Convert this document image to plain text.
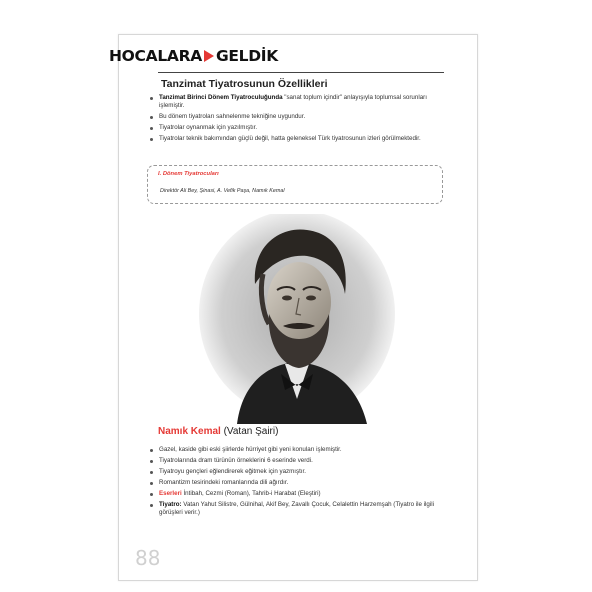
HOCALARA GELDİK
Tanzimat Tiyatrosunun Özellikleri
Tanzimat Birinci Dönem Tiyatroculuğunda "sanat toplum içindir" anlayışıyla toplumsal sorunları işlemiştir.
Bu dönem tiyatroları sahnelenme tekniğine uygundur.
Tiyatrolar oynanmak için yazılmıştır.
Tiyatrolar teknik bakımından güçlü değil, hatta geleneksel Türk tiyatrosunun izleri görülmektedir.
I. Dönem Tiyatrocuları
Direktör Ali Bey, Şinasi, A. Vefik Paşa, Namık Kemal
Namık Kemal (Vatan Şairi)
Gazel, kaside gibi eski şiirlerde hürriyet gibi yeni konuları işlemiştir.
Tiyatrolarında dram türünün örneklerini 6 eserinde verdi.
Tiyatroyu gençleri eğlendirerek eğitmek için yazmıştır.
Romantizm tesirindeki romanlarında dili ağırdır.
Eserleri İntibah, Cezmi (Roman), Tahrib-i Harabat (Eleştiri)
Tiyatro: Vatan Yahut Silistre, Gülnihal, Akif Bey, Zavallı Çocuk, Celalettin Harzemşah (Tiyatro ile ilgili görüşleri verir.)
88
